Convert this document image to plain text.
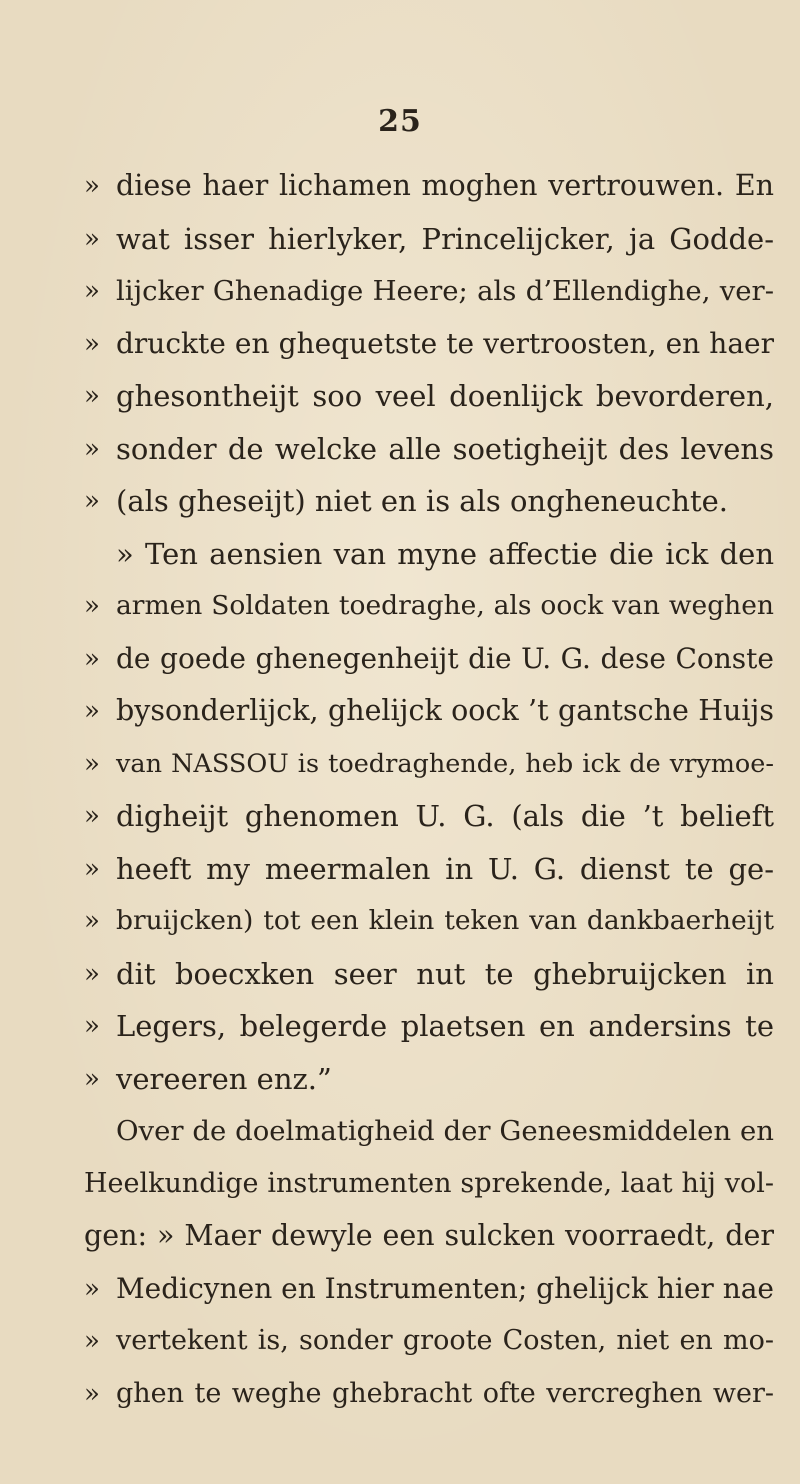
25
» diese haer lichamen moghen vertrouwen. En
» wat isser hierlyker, Princelijcker, ja Godde-
» lijcker Ghenadige Heere; als d’Ellendighe, ver-
» druckte en ghequetste te vertroosten, en haer
» ghesontheijt soo veel doenlijck bevorderen,
» sonder de welcke alle soetigheijt des levens
» (als gheseijt) niet en is als ongheneuchte.
» Ten aensien van myne affectie die ick den
» armen Soldaten toedraghe, als oock van weghen
» de goede ghenegenheijt die U. G. dese Conste
» bysonderlijck, ghelijck oock ’t gantsche Huijs
» van NASSOU is toedraghende, heb ick de vrymoe-
» digheijt ghenomen U. G. (als die ’t belieft
» heeft my meermalen in U. G. dienst te ge-
» bruijcken) tot een klein teken van dankbaerheijt
» dit boecxken seer nut te ghebruijcken in
» Legers, belegerde plaetsen en andersins te
» vereeren enz.”
Over de doelmatigheid der Geneesmiddelen en
Heelkundige instrumenten sprekende, laat hij vol-
gen: » Maer dewyle een sulcken voorraedt, der
» Medicynen en Instrumenten; ghelijck hier nae
» vertekent is, sonder groote Costen, niet en mo-
» ghen te weghe ghebracht ofte vercreghen wer-
